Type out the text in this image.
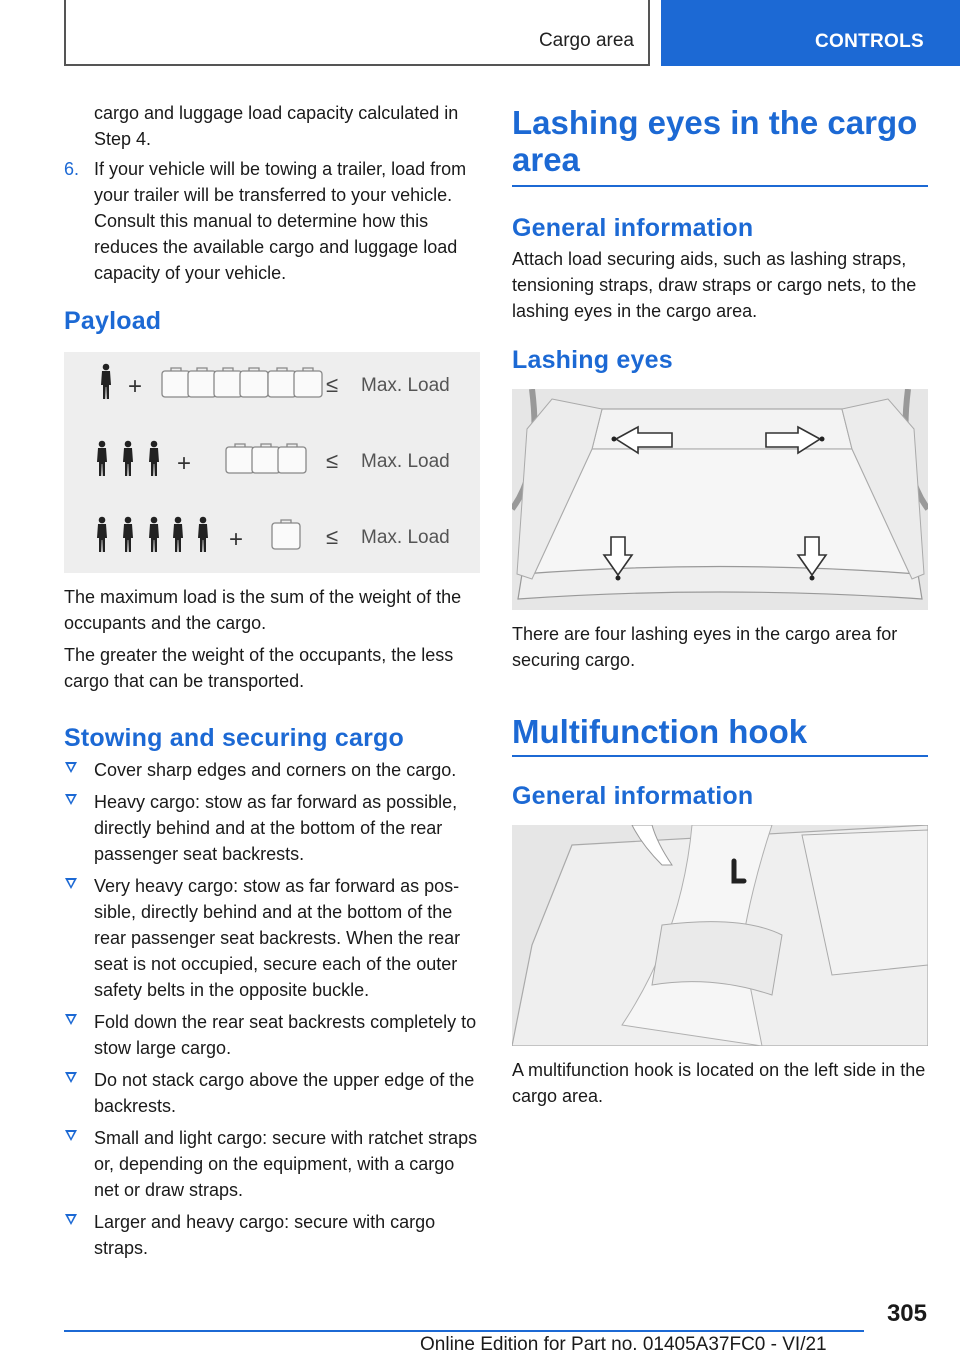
Cargo area	CONTROLS

cargo and luggage load capacity calculated in Step 4.

6. If your vehicle will be towing a trailer, load from your trailer will be transferred to your vehicle. Consult this manual to determine how this reduces the available cargo and luggage load capacity of your vehicle.
Payload
+
+
+
≤
≤
≤
Max. Load
Max. Load
Max. Load

The maximum load is the sum of the weight of the occupants and the cargo.

The greater the weight of the occupants, the less cargo that can be transported.

Stowing and securing cargo
Cover sharp edges and corners on the cargo.
Heavy cargo: stow as far forward as possible, directly behind and at the bottom of the rear passenger seat backrests.
Very heavy cargo: stow as far forward as possible, directly behind and at the bottom of the rear passenger seat backrests. When the rear seat is not occupied, secure each of the outer safety belts in the opposite buckle.
Fold down the rear seat backrests completely to stow large cargo.
Do not stack cargo above the upper edge of the backrests.
Small and light cargo: secure with ratchet straps or, depending on the equipment, with a cargo net or draw straps.
Larger and heavy cargo: secure with cargo straps.
Lashing eyes in the cargo area
General information

Attach load securing aids, such as lashing straps, tensioning straps, draw straps or cargo nets, to the lashing eyes in the cargo area.

Lashing eyes

There are four lashing eyes in the cargo area for securing cargo.

Multifunction hook
General information

A multifunction hook is located on the left side in the cargo area.

305
Online Edition for Part no. 01405A37FC0 - VI/21
